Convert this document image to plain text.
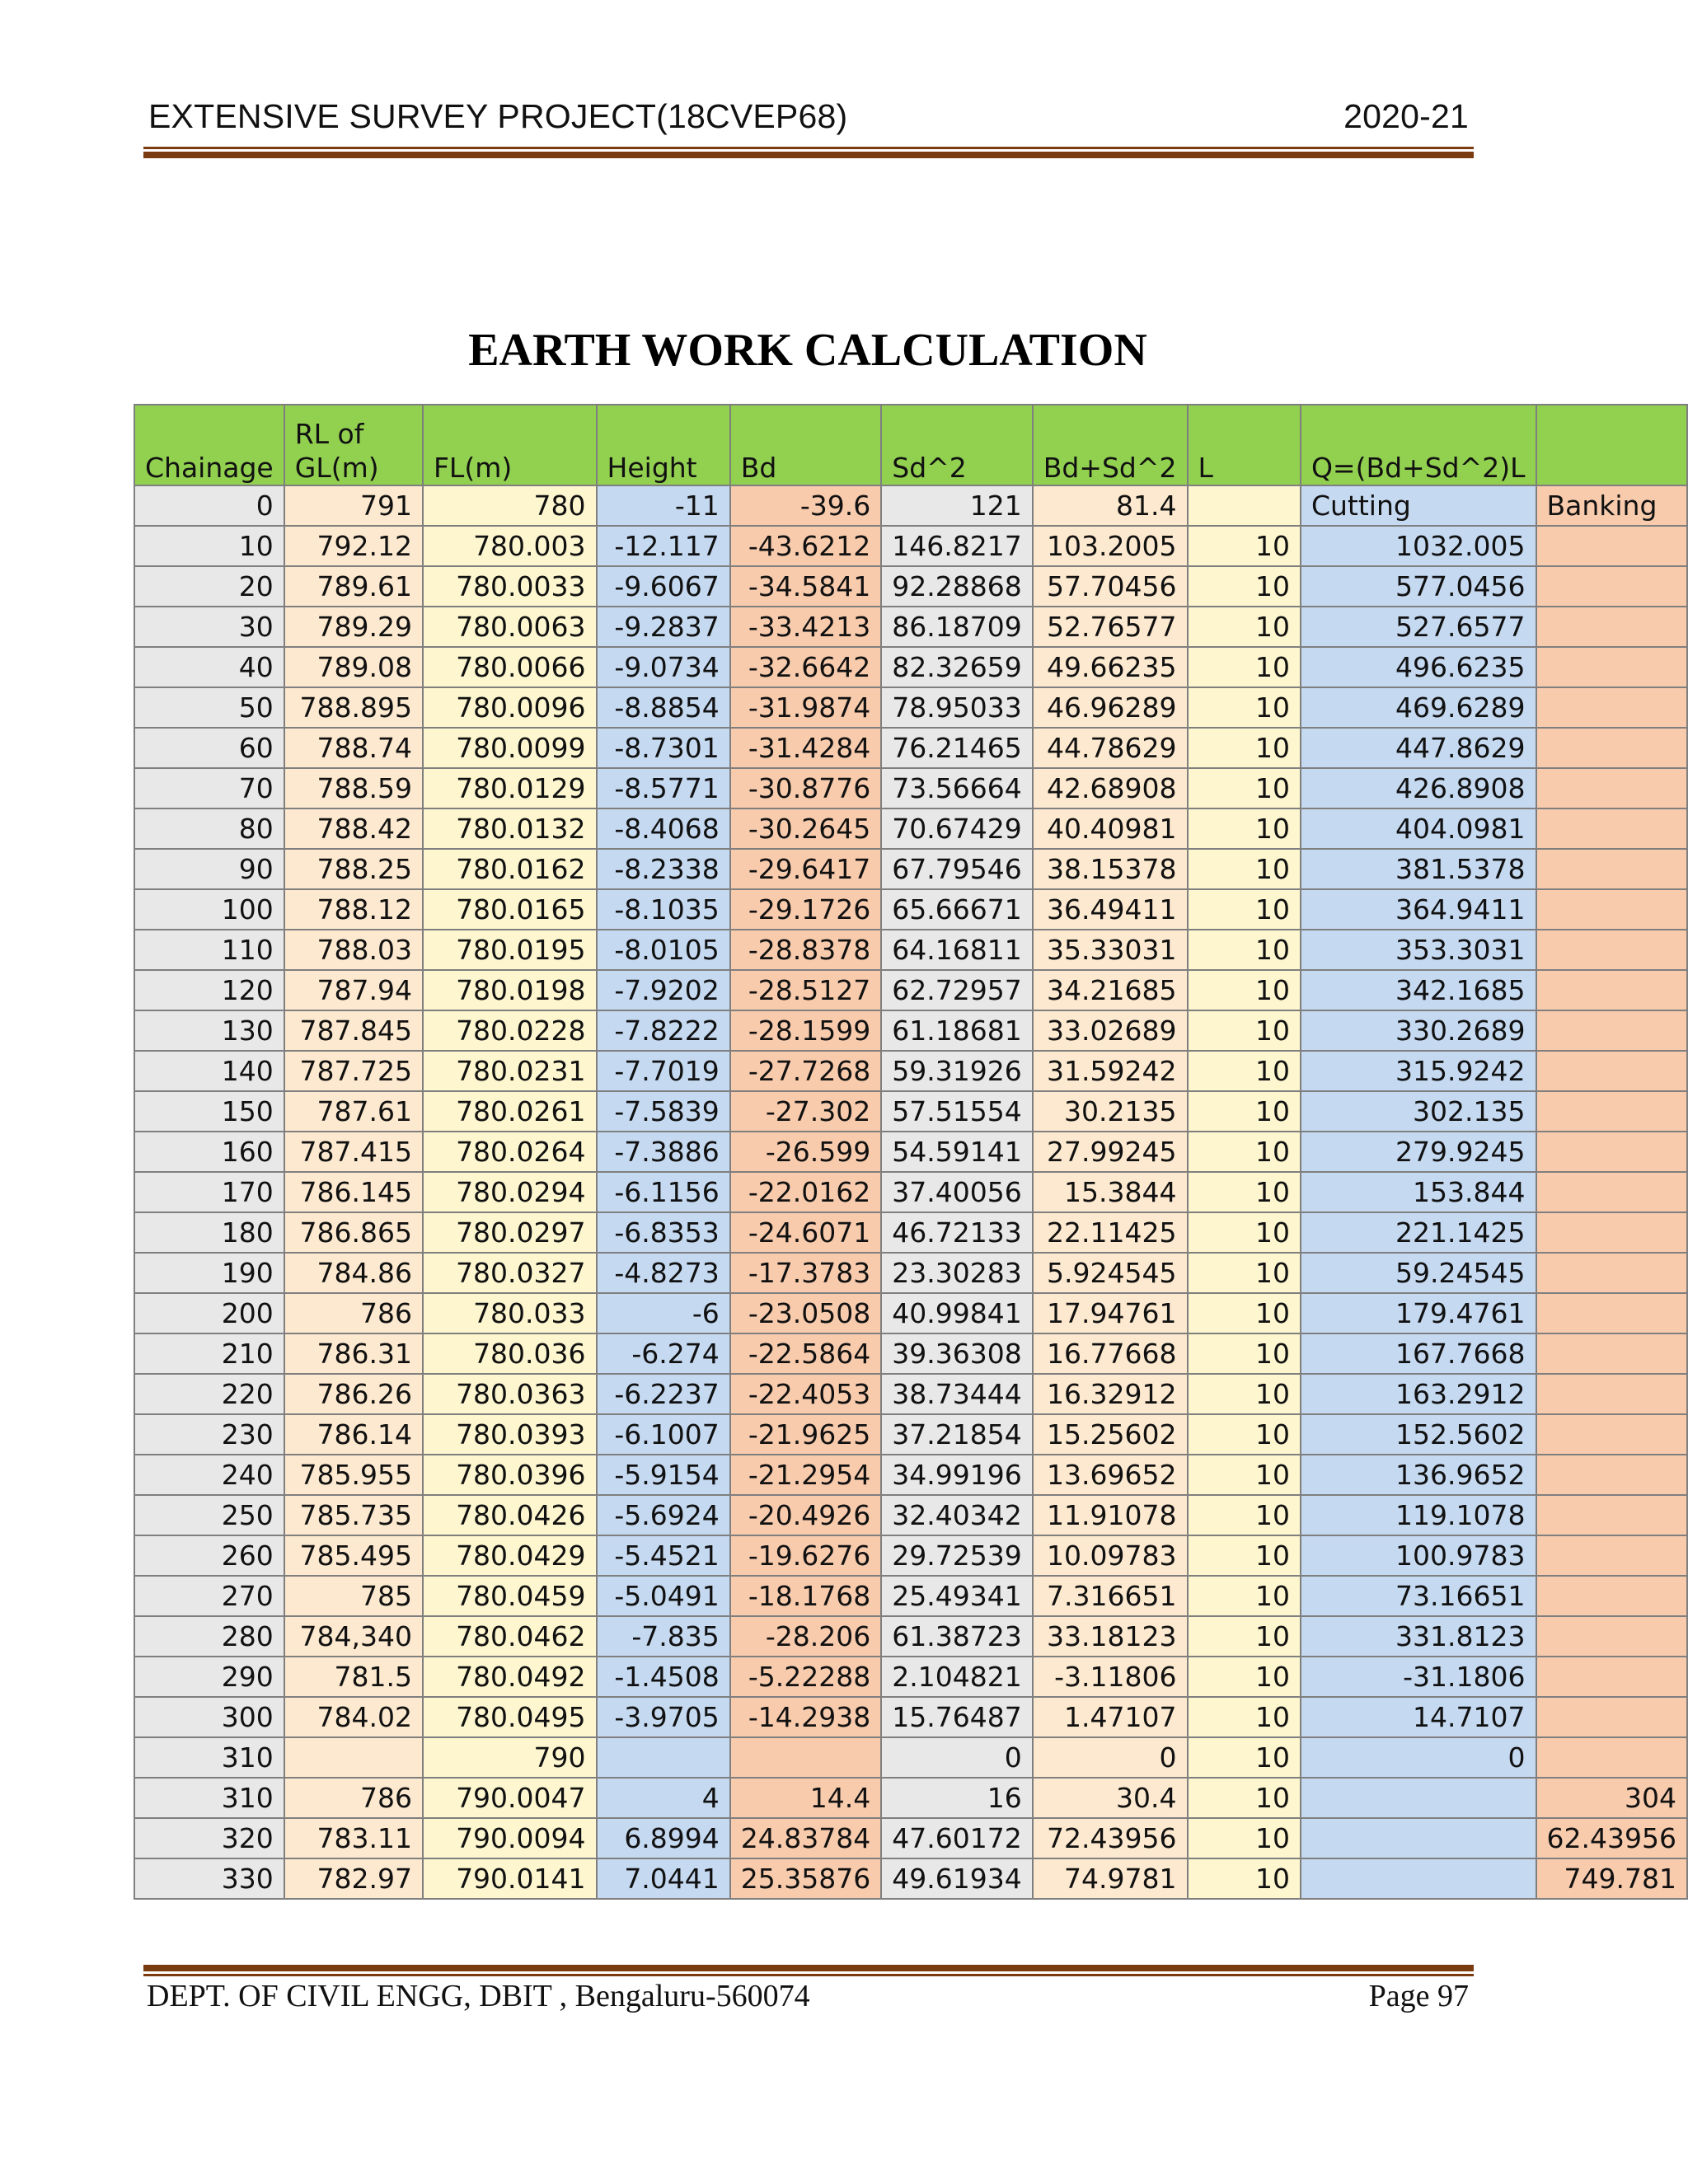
EXTENSIVE SURVEY PROJECT(18CVEP68)	2020-21
EARTH WORK CALCULATION
Chainage	RL of GL(m)	FL(m)	Height	Bd	Sd^2	Bd+Sd^2	L	Q=(Bd+Sd^2)L	
0	791	780	-11	-39.6	121	81.4		Cutting	Banking
10	792.12	780.003	-12.117	-43.6212	146.8217	103.2005	10	1032.005	
20	789.61	780.0033	-9.6067	-34.5841	92.28868	57.70456	10	577.0456	
30	789.29	780.0063	-9.2837	-33.4213	86.18709	52.76577	10	527.6577	
40	789.08	780.0066	-9.0734	-32.6642	82.32659	49.66235	10	496.6235	
50	788.895	780.0096	-8.8854	-31.9874	78.95033	46.96289	10	469.6289	
60	788.74	780.0099	-8.7301	-31.4284	76.21465	44.78629	10	447.8629	
70	788.59	780.0129	-8.5771	-30.8776	73.56664	42.68908	10	426.8908	
80	788.42	780.0132	-8.4068	-30.2645	70.67429	40.40981	10	404.0981	
90	788.25	780.0162	-8.2338	-29.6417	67.79546	38.15378	10	381.5378	
100	788.12	780.0165	-8.1035	-29.1726	65.66671	36.49411	10	364.9411	
110	788.03	780.0195	-8.0105	-28.8378	64.16811	35.33031	10	353.3031	
120	787.94	780.0198	-7.9202	-28.5127	62.72957	34.21685	10	342.1685	
130	787.845	780.0228	-7.8222	-28.1599	61.18681	33.02689	10	330.2689	
140	787.725	780.0231	-7.7019	-27.7268	59.31926	31.59242	10	315.9242	
150	787.61	780.0261	-7.5839	-27.302	57.51554	30.2135	10	302.135	
160	787.415	780.0264	-7.3886	-26.599	54.59141	27.99245	10	279.9245	
170	786.145	780.0294	-6.1156	-22.0162	37.40056	15.3844	10	153.844	
180	786.865	780.0297	-6.8353	-24.6071	46.72133	22.11425	10	221.1425	
190	784.86	780.0327	-4.8273	-17.3783	23.30283	5.924545	10	59.24545	
200	786	780.033	-6	-23.0508	40.99841	17.94761	10	179.4761	
210	786.31	780.036	-6.274	-22.5864	39.36308	16.77668	10	167.7668	
220	786.26	780.0363	-6.2237	-22.4053	38.73444	16.32912	10	163.2912	
230	786.14	780.0393	-6.1007	-21.9625	37.21854	15.25602	10	152.5602	
240	785.955	780.0396	-5.9154	-21.2954	34.99196	13.69652	10	136.9652	
250	785.735	780.0426	-5.6924	-20.4926	32.40342	11.91078	10	119.1078	
260	785.495	780.0429	-5.4521	-19.6276	29.72539	10.09783	10	100.9783	
270	785	780.0459	-5.0491	-18.1768	25.49341	7.316651	10	73.16651	
280	784,340	780.0462	-7.835	-28.206	61.38723	33.18123	10	331.8123	
290	781.5	780.0492	-1.4508	-5.22288	2.104821	-3.11806	10	-31.1806	
300	784.02	780.0495	-3.9705	-14.2938	15.76487	1.47107	10	14.7107	
310		790			0	0	10	0	
310	786	790.0047	4	14.4	16	30.4	10		304
320	783.11	790.0094	6.8994	24.83784	47.60172	72.43956	10		62.43956
330	782.97	790.0141	7.0441	25.35876	49.61934	74.9781	10		749.781
DEPT. OF CIVIL ENGG, DBIT , Bengaluru-560074	Page 97
